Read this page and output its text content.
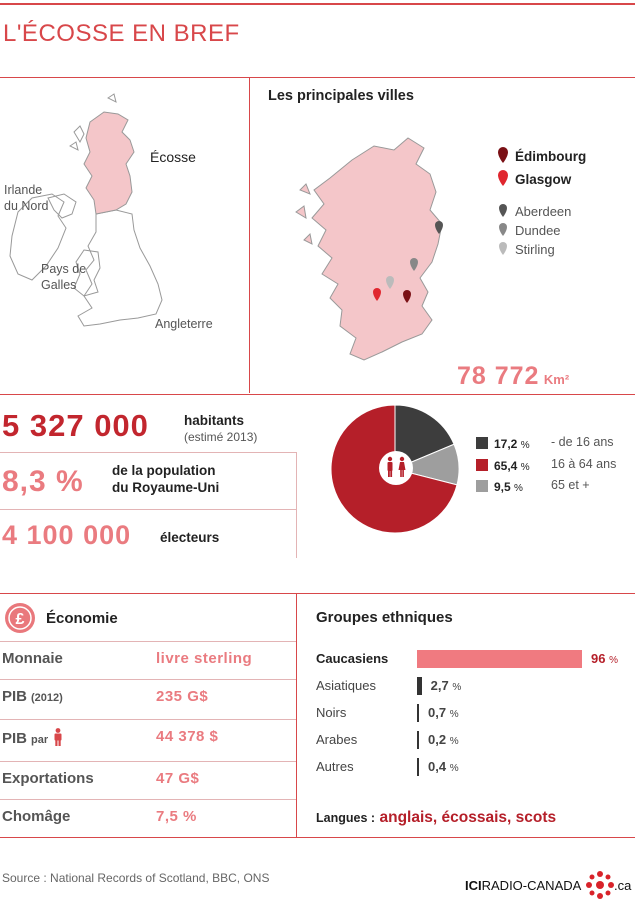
L'ÉCOSSE EN BREF
Écosse
Irlande
du Nord
Pays de
Galles
Angleterre
Les principales villes
Édimbourg
Glasgow
Aberdeen
Dundee
Stirling
78 772 Km²
5 327 000	habitants
(estimé 2013)
8,3 % de la population
du Royaume-Uni
4 100 000 électeurs
17,2 % - de 16 ans
65,4 % 16 à 64 ans
9,5 % 65 et +
£ Économie
Monnaie	livre sterling
PIB (2012)	235 G$
PIB par	44 378 $
Exportations	47 G$
Chomâge	7,5 %
Groupes ethniques
Caucasiens	96 %
Asiatiques	2,7 %
Noirs	0,7 %
Arabes	0,2 %
Autres	0,4 %
Langues : anglais, écossais, scots
Source : National Records of Scotland, BBC, ONS	ICIRADIO-CANADA	.ca
